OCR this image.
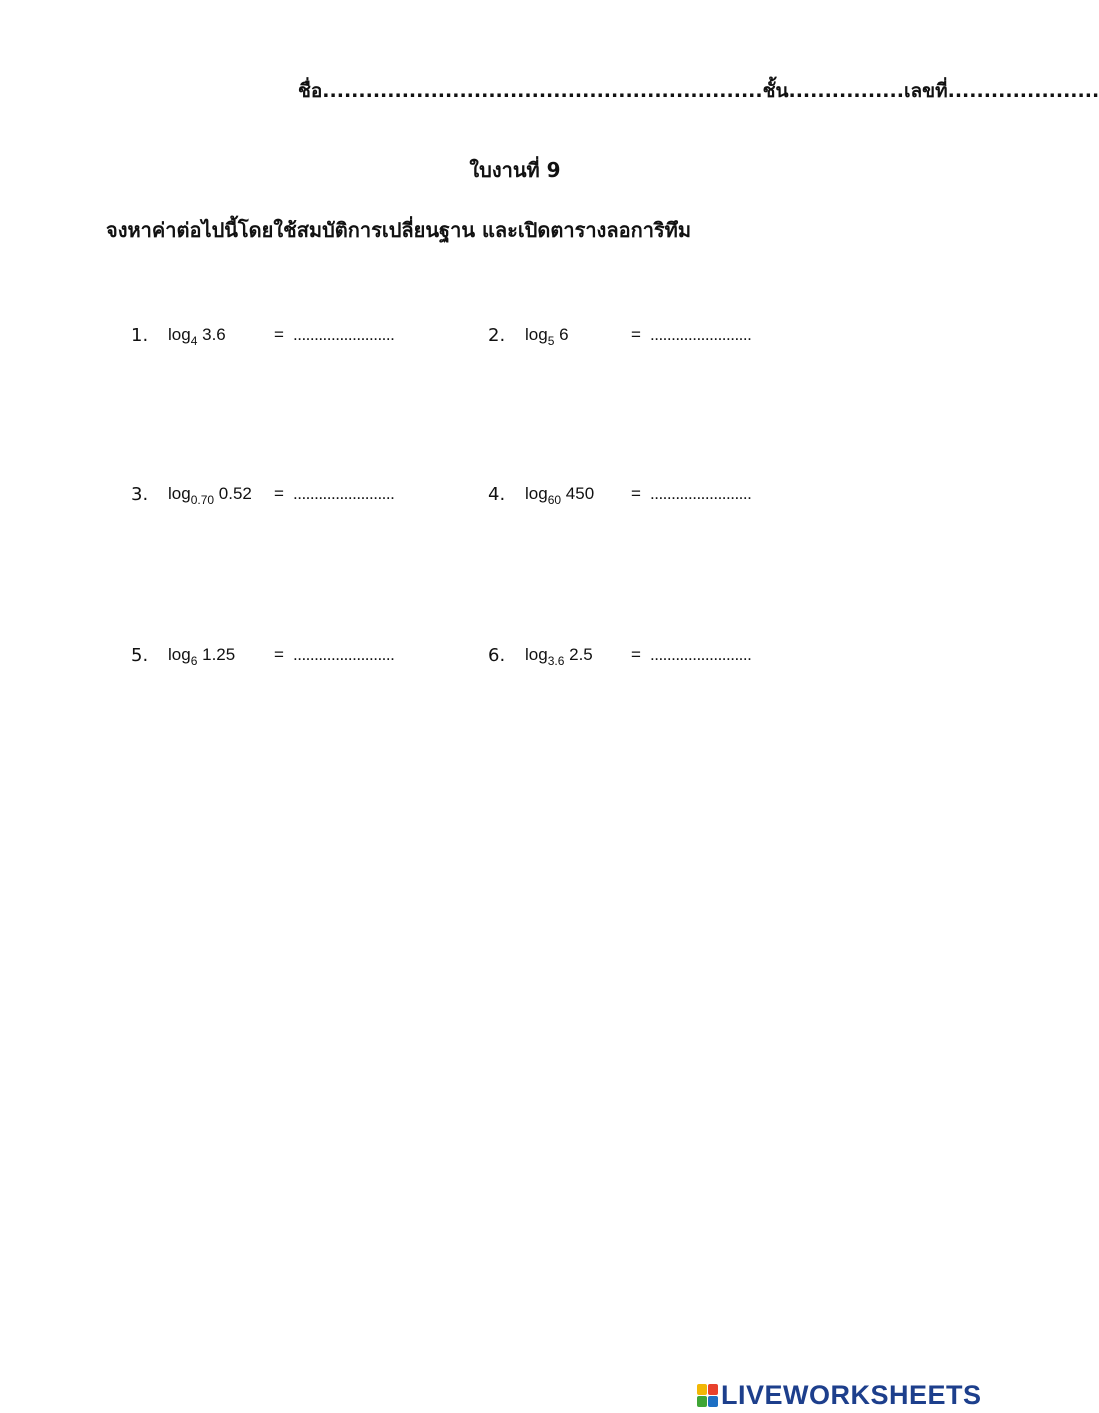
ชื่อ.............................................................ชั้น................เลขที่.....................
ใบงานที่ 9
จงหาค่าต่อไปนี้โดยใช้สมบัติการเปลี่ยนฐาน และเปิดตารางลอการิทึม
1. $\log_4 3.6$	= ........................	2. $\log_5 6$	= ........................
3. $\log_{0.70} 0.52$ = ........................	4. $\log_{60} 450$ = ........................
5. $\log_6 1.25$ = ........................	6. $\log_{3.6} 2.5$ = ........................
LIVEWORKSHEETS
